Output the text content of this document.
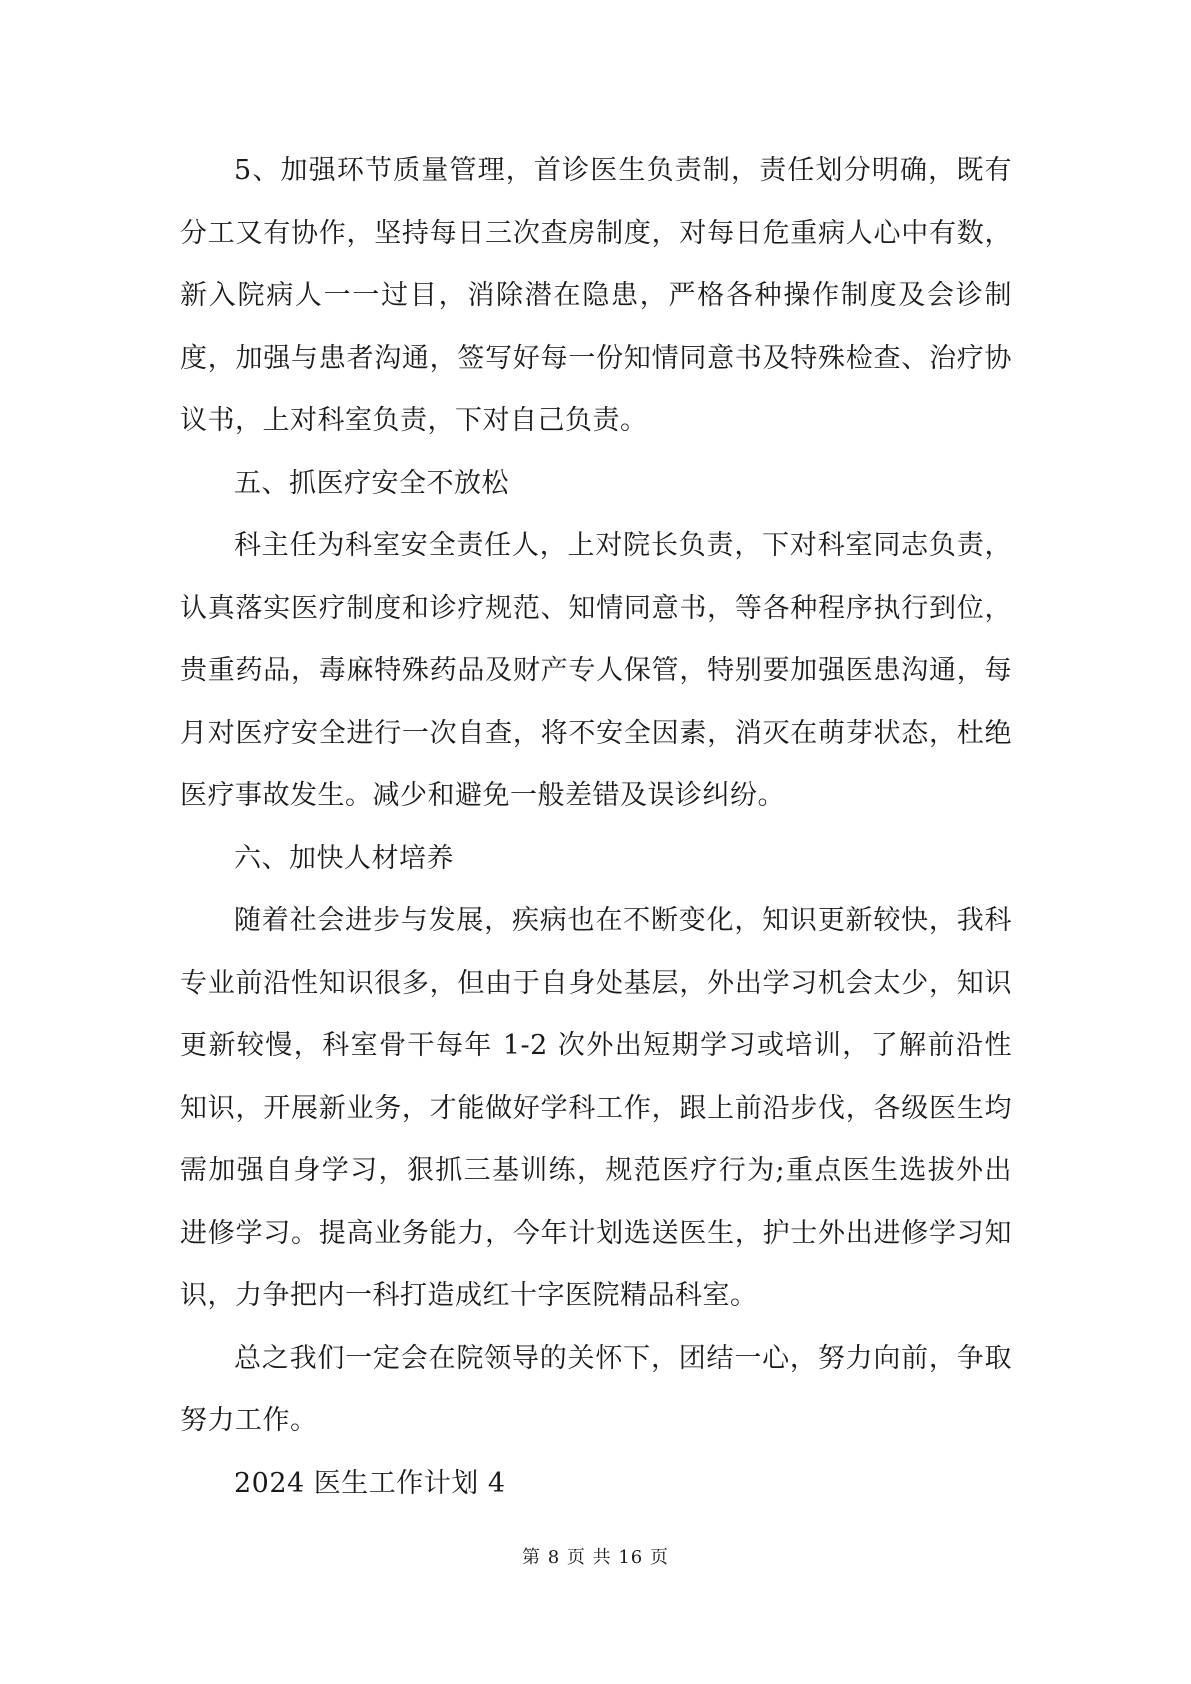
5、加强环节质量管理，首诊医生负责制，责任划分明确，既有分工又有协作，坚持每日三次查房制度，对每日危重病人心中有数，新入院病人一一过目，消除潜在隐患，严格各种操作制度及会诊制度，加强与患者沟通，签写好每一份知情同意书及特殊检查、治疗协议书，上对科室负责，下对自己负责。

五、抓医疗安全不放松

科主任为科室安全责任人，上对院长负责，下对科室同志负责，认真落实医疗制度和诊疗规范、知情同意书，等各种程序执行到位，贵重药品，毒麻特殊药品及财产专人保管，特别要加强医患沟通，每月对医疗安全进行一次自查，将不安全因素，消灭在萌芽状态，杜绝医疗事故发生。减少和避免一般差错及误诊纠纷。

六、加快人材培养

随着社会进步与发展，疾病也在不断变化，知识更新较快，我科专业前沿性知识很多，但由于自身处基层，外出学习机会太少，知识更新较慢，科室骨干每年 1-2 次外出短期学习或培训，了解前沿性知识，开展新业务，才能做好学科工作，跟上前沿步伐，各级医生均需加强自身学习，狠抓三基训练，规范医疗行为;重点医生选拔外出进修学习。提高业务能力，今年计划选送医生，护士外出进修学习知识，力争把内一科打造成红十字医院精品科室。

总之我们一定会在院领导的关怀下，团结一心，努力向前，争取努力工作。

2024 医生工作计划 4

第 8 页 共 16 页
